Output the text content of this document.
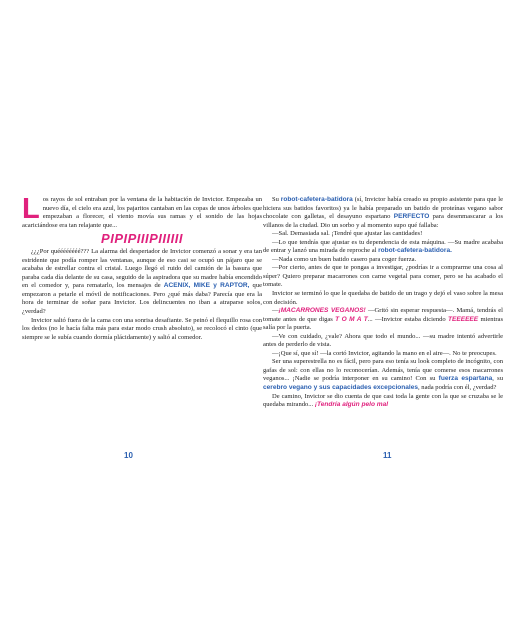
L os rayos de sol entraban por la ventana de la habitación de Invictor. Empezaba un nuevo día, el cielo era azul, los pajaritos cantaban en las copas de unos árboles que empezaban a florecer, el viento movía sus ramas y el sonido de las hojas acariciándose era tan relajante que...

PIPIPIIIPIIIIII

¿¿¿Por quéééééééé??? La alarma del despertador de Invictor comenzó a sonar y era tan estridente que podía romper las ventanas, aunque de eso casi se ocupó un pájaro que se acababa de estrellar contra el cristal. Luego llegó el ruido del camión de la basura que paraba cada día delante de su casa, seguido de la aspiradora que su madre había encendido en el comedor y, para rematarlo, los mensajes de ACENIX, MIKE y RAPTOR, que empezaron a petarle el móvil de notificaciones. Pero ¿qué más daba? Parecía que era la hora de terminar de soñar para Invictor. Los delincuentes no iban a atraparse solos, ¿verdad?

Invictor saltó fuera de la cama con una sonrisa desafiante. Se peinó el flequillo rosa con los dedos (no le hacía falta más para estar modo crush absoluto), se recolocó el cinto (que siempre se le subía cuando dormía plácidamente) y salió al comedor.

10

Su robot-cafetera-batidora (sí, Invictor había creado su propio asistente para que le hiciera sus batidos favoritos) ya le había preparado un batido de proteínas vegano sabor chocolate con galletas, el desayuno espartano PERFECTO para desenmascarar a los villanos de la ciudad. Dio un sorbo y al momento supo qué fallaba:

—Sal. Demasiada sal. ¡Tendré que ajustar las cantidades!

—Lo que tendrás que ajustar es tu dependencia de esta máquina. —Su madre acababa de entrar y lanzó una mirada de reproche al robot-cafetera-batidora.

—Nada como un buen batido casero para coger fuerza.

—Por cierto, antes de que te pongas a investigar, ¿podrías ir a comprarme una cosa al súper? Quiero preparar macarrones con carne vegetal para comer, pero se ha acabado el tomate.

Invictor se terminó lo que le quedaba de batido de un trago y dejó el vaso sobre la mesa con decisión.

—¡MACARRONES VEGANOS! —Gritó sin esperar respuesta—. Mamá, tendrás el tomate antes de que digas T O M A T... —Invictor estaba diciendo TEEEEEE mientras salía por la puerta.

—Ve con cuidado, ¿vale? Ahora que todo el mundo... —su madre intentó advertirle antes de perderlo de vista.

—¡Que sí, que sí! —la cortó Invictor, agitando la mano en el aire—. No te preocupes.

Ser una superestrella no es fácil, pero para eso tenía su look completo de incógnito, con gafas de sol: con ellas no lo reconocerían. Además, tenía que comerse esos macarrones veganos... ¡Nadie se podría interponer en su camino! Con su fuerza espartana, su cerebro vegano y sus capacidades excepcionales, nada podría con él, ¿verdad?

De camino, Invictor se dio cuenta de que casi toda la gente con la que se cruzaba se le quedaba mirando... ¡Tendría algún pelo mal

11
